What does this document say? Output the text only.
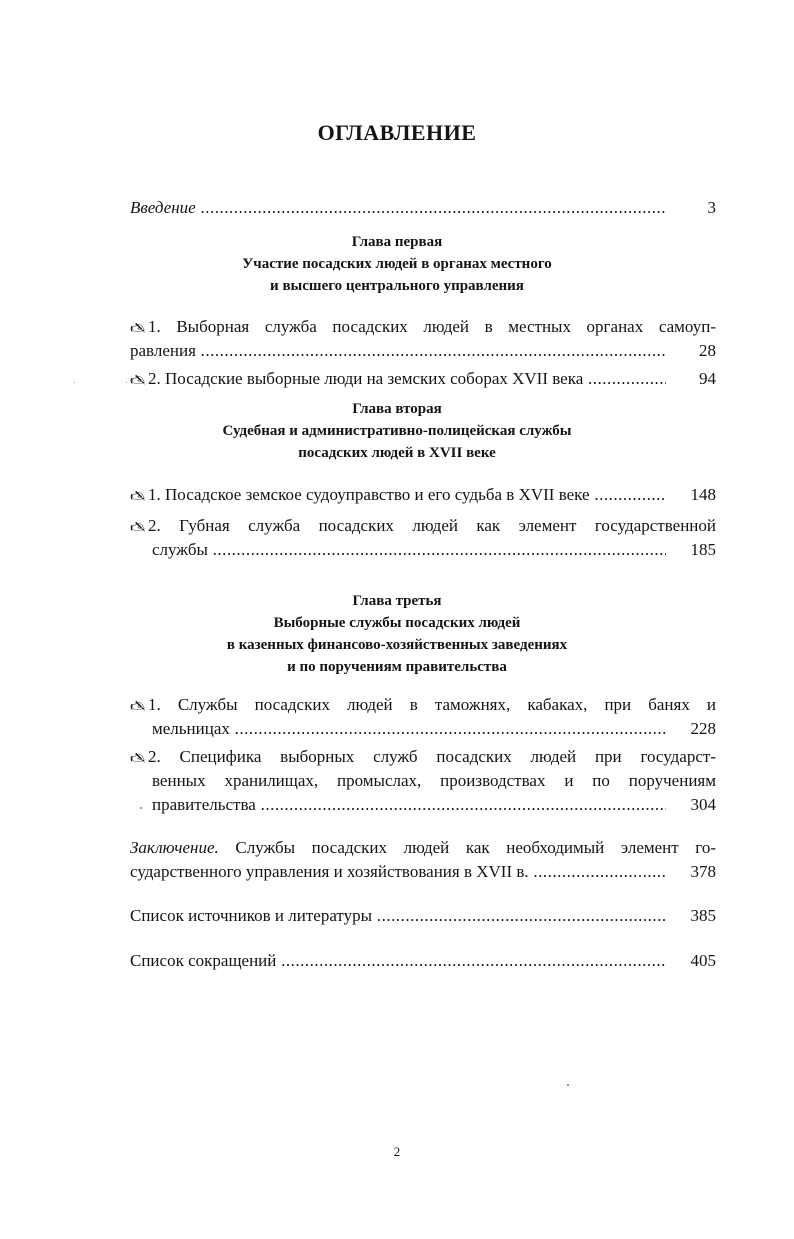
ОГЛАВЛЕНИЕ
Введение .....	3
Глава первая
Участие посадских людей в органах местного
и высшего центрального управления
🖎 1. Выборная служба посадских людей в местных органах самоуп-
равления .....	28
🖎 2. Посадские выборные люди на земских соборах XVII века .....	94
Глава вторая
Судебная и административно-полицейская службы
посадских людей в XVII веке
🖎 1. Посадское земское судоуправство и его судьба в XVII веке .....	148
🖎 2. Губная служба посадских людей как элемент государственной
службы .....	185
Глава третья
Выборные службы посадских людей
в казенных финансово-хозяйственных заведениях
и по поручениям правительства
🖎 1. Службы посадских людей в таможнях, кабаках, при банях и
мельницах .....	228
🖎 2. Специфика выборных служб посадских людей при государст-
венных хранилищах, промыслах, производствах и по поручениям
правительства .....	304
Заключение. Службы посадских людей как необходимый элемент го-
сударственного управления и хозяйствования в XVII в. .....	378
Список источников и литературы .....	385
Список сокращений .....	405
2
